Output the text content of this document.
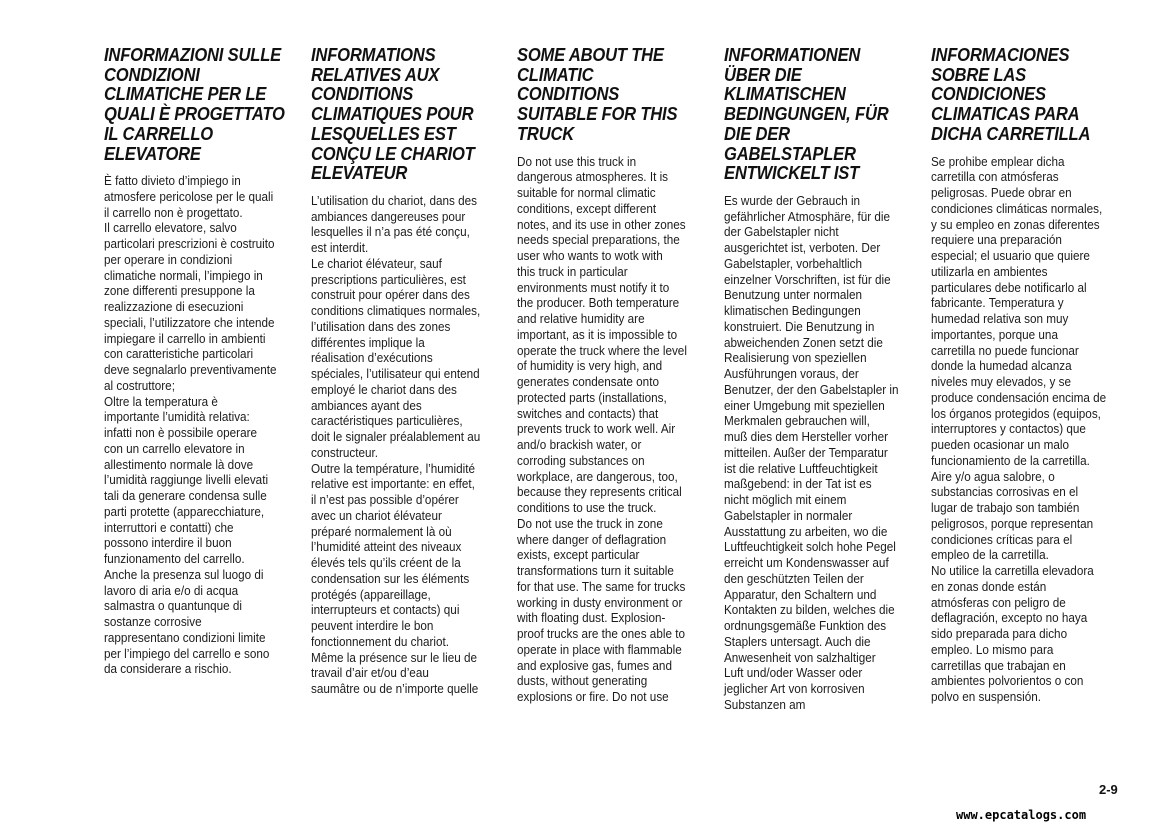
INFORMAZIONI SULLE
CONDIZIONI
CLIMATICHE PER LE
QUALI È PROGETTATO
IL CARRELLO
ELEVATORE

È fatto divieto d’impiego in
atmosfere pericolose per le quali
il carrello non è progettato.
Il carrello elevatore, salvo
particolari prescrizioni è costruito
per operare in condizioni
climatiche normali, l’impiego in
zone differenti presuppone la
realizzazione di esecuzioni
speciali, l’utilizzatore che intende
impiegare il carrello in ambienti
con caratteristiche particolari
deve segnalarlo preventivamente
al costruttore;
Oltre la temperatura è
importante l’umidità relativa:
infatti non è possibile operare
con un carrello elevatore in
allestimento normale là dove
l’umidità raggiunge livelli elevati
tali da generare condensa sulle
parti protette (apparecchiature,
interruttori e contatti) che
possono interdire il buon
funzionamento del carrello.
Anche la presenza sul luogo di
lavoro di aria e/o di acqua
salmastra o quantunque di
sostanze corrosive
rappresentano condizioni limite
per l’impiego del carrello e sono
da considerare a rischio.

INFORMATIONS
RELATIVES AUX
CONDITIONS
CLIMATIQUES POUR
LESQUELLES EST
CONÇU LE CHARIOT
ELEVATEUR

L’utilisation du chariot, dans des
ambiances dangereuses pour
lesquelles il n’a pas été conçu,
est interdit.
Le chariot élévateur, sauf
prescriptions particulières, est
construit pour opérer dans des
conditions climatiques normales,
l’utilisation dans des zones
différentes implique la
réalisation d’exécutions
spéciales, l’utilisateur qui entend
employé le chariot dans des
ambiances ayant des
caractéristiques particulières,
doit le signaler préalablement au
constructeur.
Outre la température, l’humidité
relative est importante: en effet,
il n’est pas possible d’opérer
avec un chariot élévateur
préparé normalement là où
l’humidité atteint des niveaux
élevés tels qu’ils créent de la
condensation sur les éléments
protégés (appareillage,
interrupteurs et contacts) qui
peuvent interdire le bon
fonctionnement du chariot.
Même la présence sur le lieu de
travail d’air et/ou d’eau
saumâtre ou de n’importe quelle

SOME ABOUT THE
CLIMATIC
CONDITIONS
SUITABLE FOR THIS
TRUCK

Do not use this truck in
dangerous atmospheres. It is
suitable for normal climatic
conditions, except different
notes, and its use in other zones
needs special preparations, the
user who wants to wotk with
this truck in particular
environments must notify it to
the producer. Both temperature
and relative humidity are
important, as it is impossible to
operate the truck where the level
of humidity is very high, and
generates condensate onto
protected parts (installations,
switches and contacts) that
prevents truck to work well. Air
and/o brackish water, or
corroding substances on
workplace, are dangerous, too,
because they represents critical
conditions to use the truck.
Do not use the truck in zone
where danger of deflagration
exists, except particular
transformations turn it suitable
for that use. The same for trucks
working in dusty environment or
with floating dust. Explosion-
proof trucks are the ones able to
operate in place with flammable
and explosive gas, fumes and
dusts, without generating
explosions or fire. Do not use

INFORMATIONEN
ÜBER DIE
KLIMATISCHEN
BEDINGUNGEN, FÜR
DIE DER GABELSTAPLER
ENTWICKELT IST

Es wurde der Gebrauch in
gefährlicher Atmosphäre, für die
der Gabelstapler nicht
ausgerichtet ist, verboten. Der
Gabelstapler, vorbehaltlich
einzelner Vorschriften, ist für die
Benutzung unter normalen
klimatischen Bedingungen
konstruiert. Die Benutzung in
abweichenden Zonen setzt die
Realisierung von speziellen
Ausführungen voraus, der
Benutzer, der den Gabelstapler in
einer Umgebung mit speziellen
Merkmalen gebrauchen will,
muß dies dem Hersteller vorher
mitteilen. Außer der Temparatur
ist die relative Luftfeuchtigkeit
maßgebend: in der Tat ist es
nicht möglich mit einem
Gabelstapler in normaler
Ausstattung zu arbeiten, wo die
Luftfeuchtigkeit solch hohe Pegel
erreicht um Kondenswasser auf
den geschützten Teilen der
Apparatur, den Schaltern und
Kontakten zu bilden, welches die
ordnungsgemäße Funktion des
Staplers untersagt. Auch die
Anwesenheit von salzhaltiger
Luft und/oder Wasser oder
jeglicher Art von korrosiven
Substanzen am

INFORMACIONES
SOBRE LAS
CONDICIONES
CLIMATICAS PARA
DICHA CARRETILLA

Se prohibe emplear dicha
carretilla con atmósferas
peligrosas. Puede obrar en
condiciones climáticas normales,
y su empleo en zonas diferentes
requiere una preparación
especial; el usuario que quiere
utilizarla en ambientes
particulares debe notificarlo al
fabricante. Temperatura y
humedad relativa son muy
importantes, porque una
carretilla no puede funcionar
donde la humedad alcanza
niveles muy elevados, y se
produce condensación encima de
los órganos protegidos (equipos,
interruptores y contactos) que
pueden ocasionar un malo
funcionamiento de la carretilla.
Aire y/o agua salobre, o
substancias corrosivas en el
lugar de trabajo son también
peligrosos, porque representan
condiciones críticas para el
empleo de la carretilla.
No utilice la carretilla elevadora
en zonas donde están
atmósferas con peligro de
deflagración, excepto no haya
sido preparada para dicho
empleo. Lo mismo para
carretillas que trabajan en
ambientes polvorientos o con
polvo en suspensión.

2-9
www.epcatalogs.com
